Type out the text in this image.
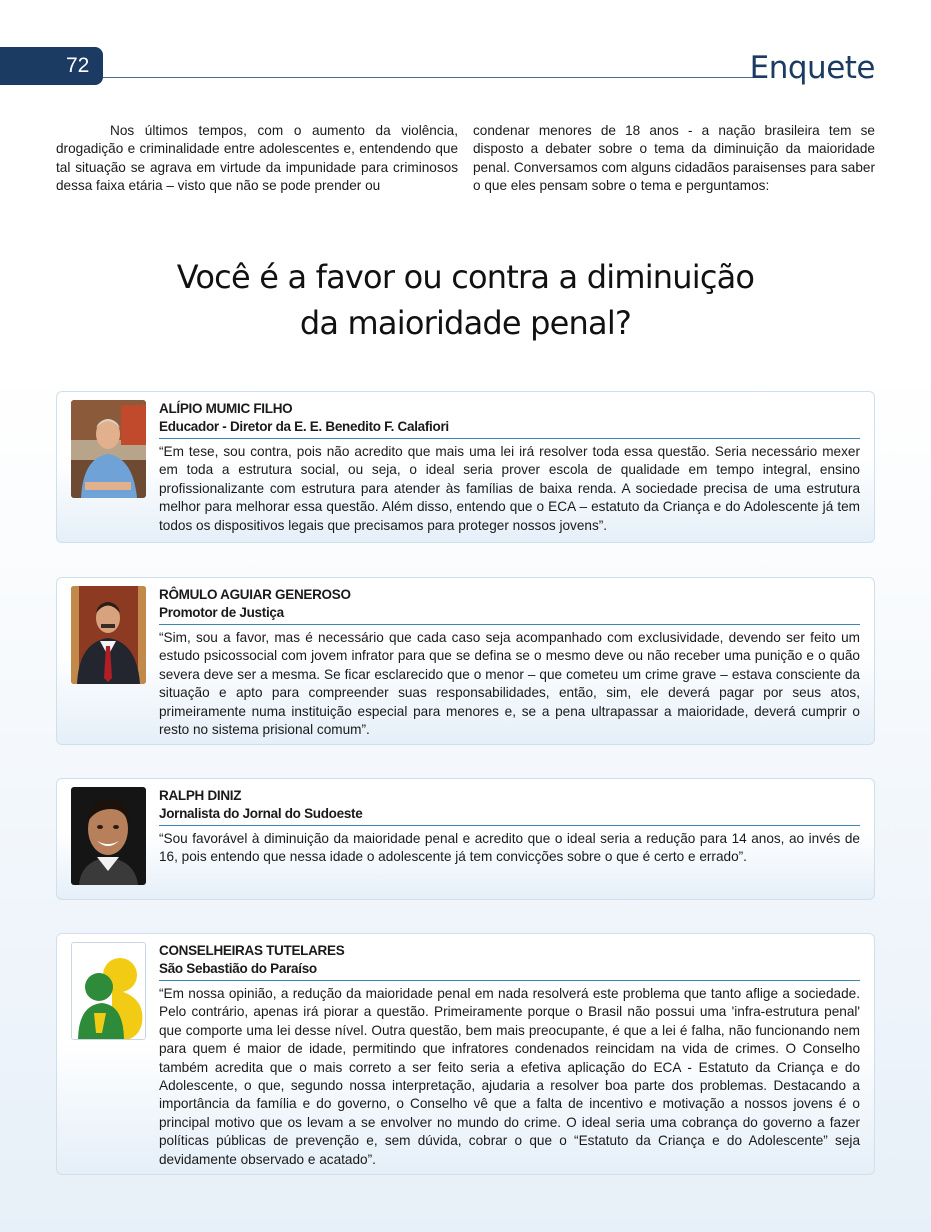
72	Enquete

Nos últimos tempos, com o aumento da violência, drogadição e criminalidade entre adolescentes e, entendendo que tal situação se agrava em virtude da impunidade para criminosos dessa faixa etária – visto que não se pode prender ou

condenar menores de 18 anos - a nação brasileira tem se disposto a debater sobre o tema da diminuição da maioridade penal. Conversamos com alguns cidadãos paraisenses para saber o que eles pensam sobre o tema e perguntamos:

Você é a favor ou contra a diminuição
da maioridade penal?
ALÍPIO MUMIC FILHO
Educador - Diretor da E. E. Benedito F. Calafiori
“Em tese, sou contra, pois não acredito que mais uma lei irá resolver toda essa questão. Seria necessário mexer em toda a estrutura social, ou seja, o ideal seria prover escola de qualidade em tempo integral, ensino profissionalizante com estrutura para atender às famílias de baixa renda. A sociedade precisa de uma estrutura melhor para melhorar essa questão. Além disso, entendo que o ECA – estatuto da Criança e do Adolescente já tem todos os dispositivos legais que precisamos para proteger nossos jovens”.
RÔMULO AGUIAR GENEROSO
Promotor de Justiça
“Sim, sou a favor, mas é necessário que cada caso seja acompanhado com exclusividade, devendo ser feito um estudo psicossocial com jovem infrator para que se defina se o mesmo deve ou não receber uma punição e o quão severa deve ser a mesma. Se ficar esclarecido que o menor – que cometeu um crime grave – estava consciente da situação e apto para compreender suas responsabilidades, então, sim, ele deverá pagar por seus atos, primeiramente numa instituição especial para menores e, se a pena ultrapassar a maioridade, deverá cumprir o resto no sistema prisional comum”.
RALPH DINIZ
Jornalista do Jornal do Sudoeste
“Sou favorável à diminuição da maioridade penal e acredito que o ideal seria a redução para 14 anos, ao invés de 16, pois entendo que nessa idade o adolescente já tem convicções sobre o que é certo e errado”.
CONSELHEIRAS TUTELARES
São Sebastião do Paraíso
“Em nossa opinião, a redução da maioridade penal em nada resolverá este problema que tanto aflige a sociedade. Pelo contrário, apenas irá piorar a questão. Primeiramente porque o Brasil não possui uma 'infra-estrutura penal' que comporte uma lei desse nível. Outra questão, bem mais preocupante, é que a lei é falha, não funcionando nem para quem é maior de idade, permitindo que infratores condenados reincidam na vida de crimes. O Conselho também acredita que o mais correto a ser feito seria a efetiva aplicação do ECA - Estatuto da Criança e do Adolescente, o que, segundo nossa interpretação, ajudaria a resolver boa parte dos problemas. Destacando a importância da família e do governo, o Conselho vê que a falta de incentivo e motivação a nossos jovens é o principal motivo que os levam a se envolver no mundo do crime. O ideal seria uma cobrança do governo a fazer políticas públicas de prevenção e, sem dúvida, cobrar o que o “Estatuto da Criança e do Adolescente” seja devidamente observado e acatado”.
